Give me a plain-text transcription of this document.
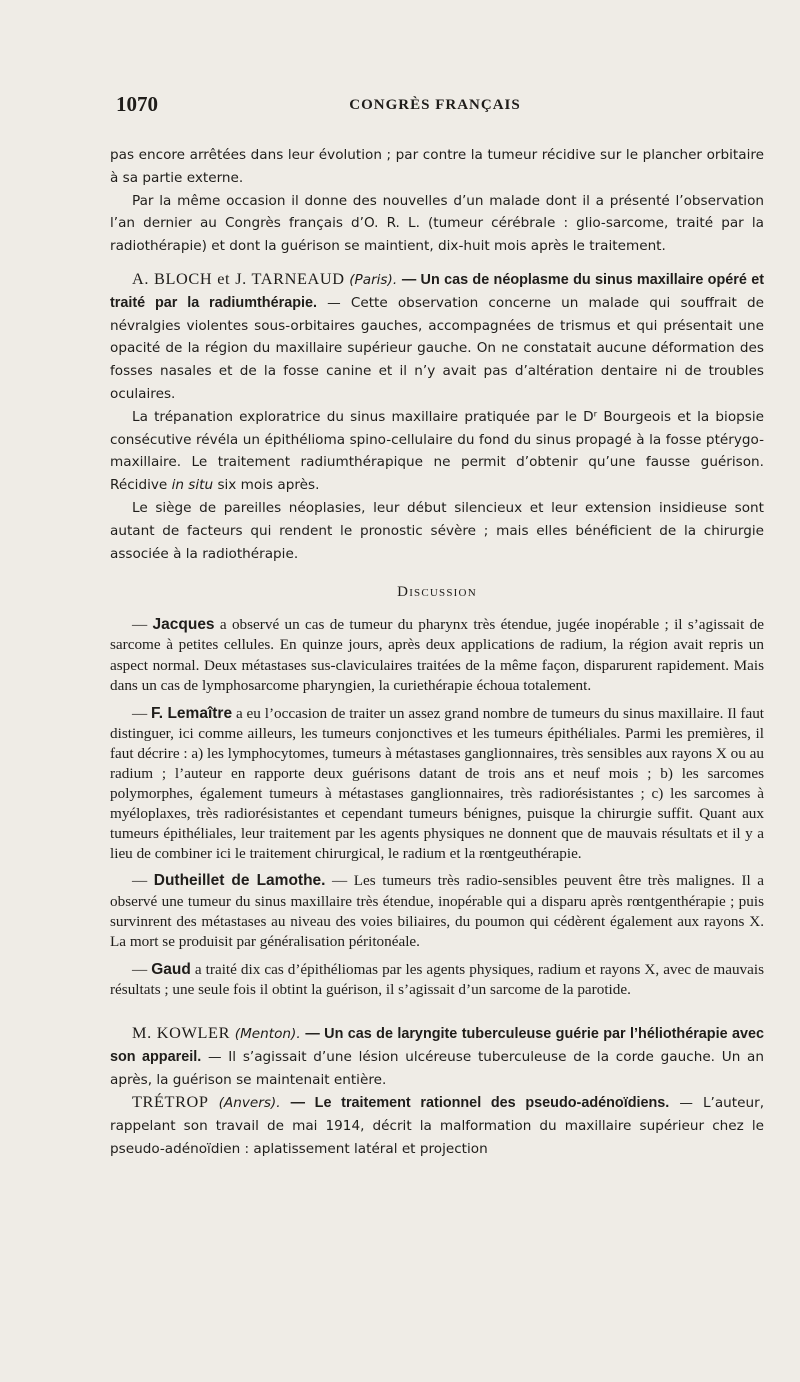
1070	CONGRÈS FRANÇAIS

pas encore arrêtées dans leur évolution ; par contre la tumeur récidive sur le plancher orbitaire à sa partie externe.

Par la même occasion il donne des nouvelles d’un malade dont il a présenté l’observation l’an dernier au Congrès français d’O. R. L. (tumeur cérébrale : glio-sarcome, traité par la radiothérapie) et dont la guérison se maintient, dix-huit mois après le traitement.

A. BLOCH et J. TARNEAUD (Paris). — Un cas de néoplasme du sinus maxillaire opéré et traité par la radiumthérapie. — Cette observation concerne un malade qui souffrait de névralgies violentes sous-orbitaires gauches, accompagnées de trismus et qui présentait une opacité de la région du maxillaire supérieur gauche. On ne constatait aucune déformation des fosses nasales et de la fosse canine et il n’y avait pas d’altération dentaire ni de troubles oculaires.

La trépanation exploratrice du sinus maxillaire pratiquée par le Dʳ Bourgeois et la biopsie consécutive révéla un épithélioma spino-cellulaire du fond du sinus propagé à la fosse ptérygo-maxillaire. Le traitement radiumthérapique ne permit d’obtenir qu’une fausse guérison. Récidive in situ six mois après.

Le siège de pareilles néoplasies, leur début silencieux et leur extension insidieuse sont autant de facteurs qui rendent le pronostic sévère ; mais elles bénéficient de la chirurgie associée à la radiothérapie.

Discussion

— Jacques a observé un cas de tumeur du pharynx très étendue, jugée inopérable ; il s’agissait de sarcome à petites cellules. En quinze jours, après deux applications de radium, la région avait repris un aspect normal. Deux métastases sus-claviculaires traitées de la même façon, disparurent rapidement. Mais dans un cas de lymphosarcome pharyngien, la curiethérapie échoua totalement.

— F. Lemaître a eu l’occasion de traiter un assez grand nombre de tumeurs du sinus maxillaire. Il faut distinguer, ici comme ailleurs, les tumeurs conjonctives et les tumeurs épithéliales. Parmi les premières, il faut décrire : a) les lymphocytomes, tumeurs à métastases ganglionnaires, très sensibles aux rayons X ou au radium ; l’auteur en rapporte deux guérisons datant de trois ans et neuf mois ; b) les sarcomes polymorphes, également tumeurs à métastases ganglionnaires, très radiorésistantes ; c) les sarcomes à myéloplaxes, très radiorésistantes et cependant tumeurs bénignes, puisque la chirurgie suffit. Quant aux tumeurs épithéliales, leur traitement par les agents physiques ne donnent que de mauvais résultats et il y a lieu de combiner ici le traitement chirurgical, le radium et la rœntgeuthérapie.

— Dutheillet de Lamothe. — Les tumeurs très radio-sensibles peuvent être très malignes. Il a observé une tumeur du sinus maxillaire très étendue, inopérable qui a disparu après rœntgenthérapie ; puis survinrent des métastases au niveau des voies biliaires, du poumon qui cédèrent également aux rayons X. La mort se produisit par généralisation péritonéale.

— Gaud a traité dix cas d’épithéliomas par les agents physiques, radium et rayons X, avec de mauvais résultats ; une seule fois il obtint la guérison, il s’agissait d’un sarcome de la parotide.

M. KOWLER (Menton). — Un cas de laryngite tuberculeuse guérie par l’héliothérapie avec son appareil. — Il s’agissait d’une lésion ulcéreuse tuberculeuse de la corde gauche. Un an après, la guérison se maintenait entière.

TRÉTROP (Anvers). — Le traitement rationnel des pseudo-adénoïdiens. — L’auteur, rappelant son travail de mai 1914, décrit la malformation du maxillaire supérieur chez le pseudo-adénoïdien : aplatissement latéral et projection
